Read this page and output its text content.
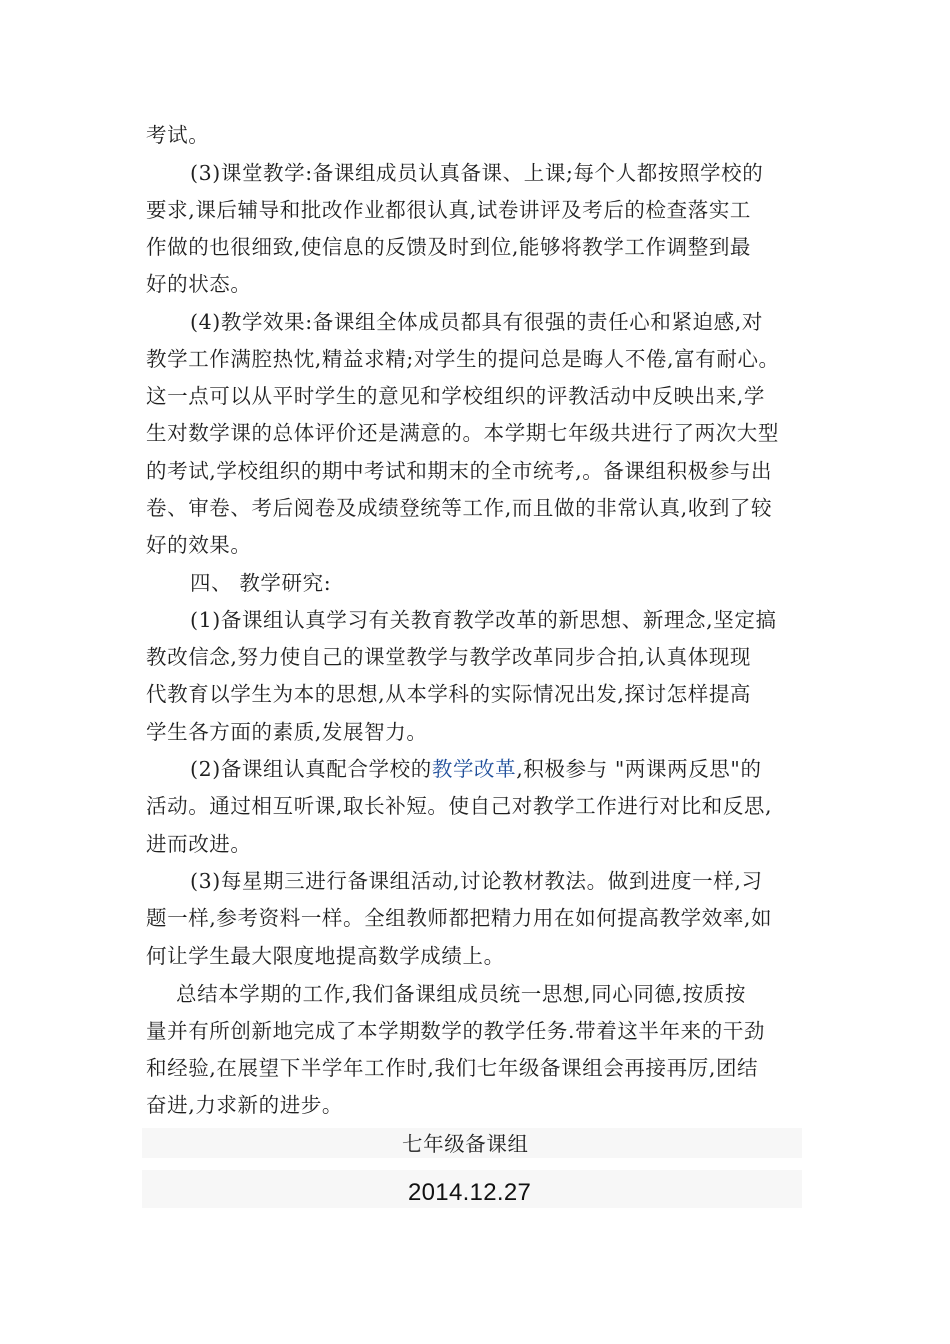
考试。
(3)课堂教学:备课组成员认真备课、上课;每个人都按照学校的
要求,课后辅导和批改作业都很认真,试卷讲评及考后的检查落实工
作做的也很细致,使信息的反馈及时到位,能够将教学工作调整到最
好的状态。
(4)教学效果:备课组全体成员都具有很强的责任心和紧迫感,对
教学工作满腔热忱,精益求精;对学生的提问总是晦人不倦,富有耐心。
这一点可以从平时学生的意见和学校组织的评教活动中反映出来,学
生对数学课的总体评价还是满意的。本学期七年级共进行了两次大型
的考试,学校组织的期中考试和期末的全市统考,。备课组积极参与出
卷、审卷、考后阅卷及成绩登统等工作,而且做的非常认真,收到了较
好的效果。
四、 教学研究:
(1)备课组认真学习有关教育教学改革的新思想、新理念,坚定搞
教改信念,努力使自己的课堂教学与教学改革同步合拍,认真体现现
代教育以学生为本的思想,从本学科的实际情况出发,探讨怎样提高
学生各方面的素质,发展智力。
(2)备课组认真配合学校的教学改革,积极参与 "两课两反思"的
活动。通过相互听课,取长补短。使自己对教学工作进行对比和反思,
进而改进。
(3)每星期三进行备课组活动,讨论教材教法。做到进度一样,习
题一样,参考资料一样。全组教师都把精力用在如何提高教学效率,如
何让学生最大限度地提高数学成绩上。
总结本学期的工作,我们备课组成员统一思想,同心同德,按质按
量并有所创新地完成了本学期数学的教学任务.带着这半年来的干劲
和经验,在展望下半学年工作时,我们七年级备课组会再接再厉,团结
奋进,力求新的进步。
七年级备课组
2014.12.27
